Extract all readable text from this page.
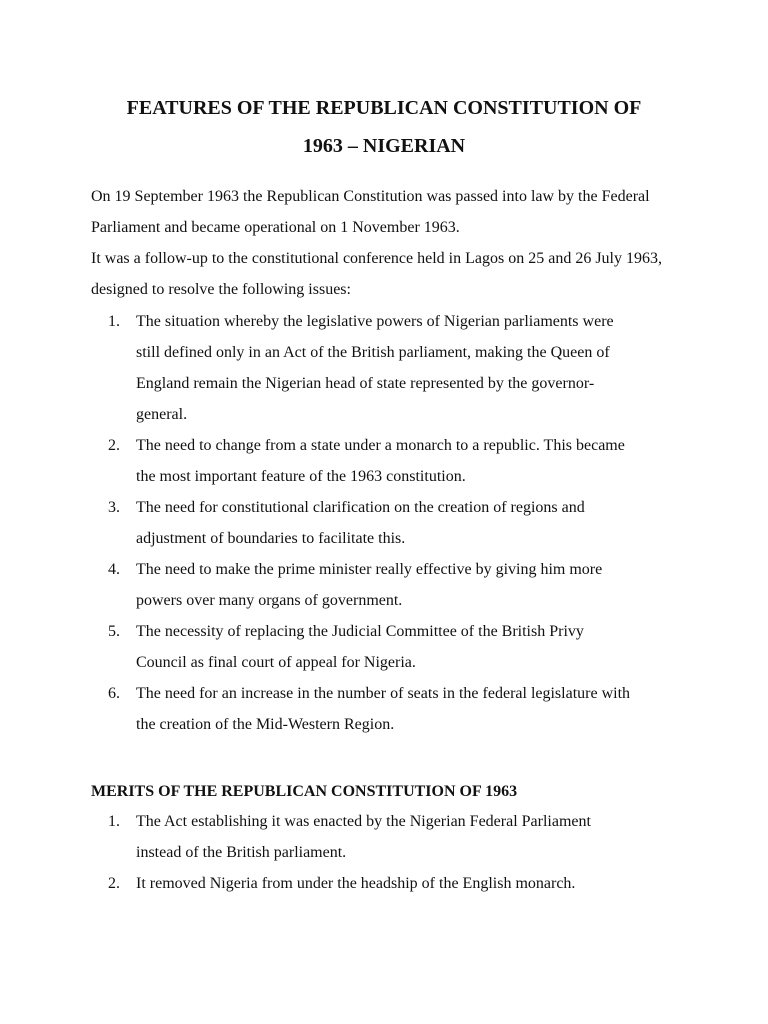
FEATURES OF THE REPUBLICAN CONSTITUTION OF
1963 – NIGERIAN
On 19 September 1963 the Republican Constitution was passed into law by the Federal Parliament and became operational on 1 November 1963.
It was a follow-up to the constitutional conference held in Lagos on 25 and 26 July 1963, designed to resolve the following issues:
1. The situation whereby the legislative powers of Nigerian parliaments were still defined only in an Act of the British parliament, making the Queen of England remain the Nigerian head of state represented by the governor-general.
2. The need to change from a state under a monarch to a republic. This became the most important feature of the 1963 constitution.
3. The need for constitutional clarification on the creation of regions and adjustment of boundaries to facilitate this.
4. The need to make the prime minister really effective by giving him more powers over many organs of government.
5. The necessity of replacing the Judicial Committee of the British Privy Council as final court of appeal for Nigeria.
6. The need for an increase in the number of seats in the federal legislature with the creation of the Mid-Western Region.
MERITS OF THE REPUBLICAN CONSTITUTION OF 1963
1. The Act establishing it was enacted by the Nigerian Federal Parliament instead of the British parliament.
2. It removed Nigeria from under the headship of the English monarch.
